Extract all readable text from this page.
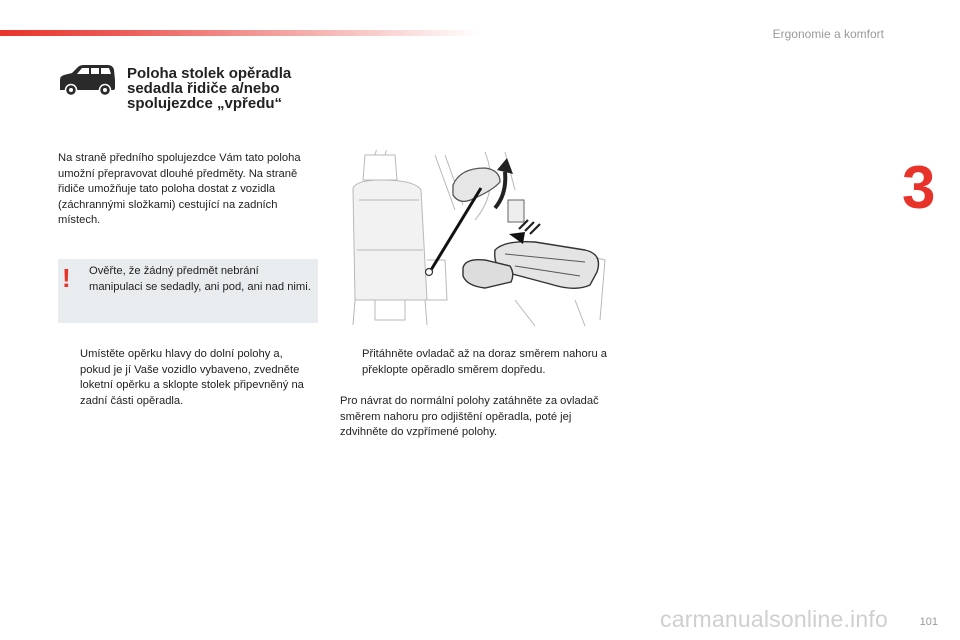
Ergonomie a komfort
3
Poloha stolek opěradla sedadla řidiče a/nebo spolujezdce „vpředu“
Na straně předního spolujezdce Vám tato poloha umožní přepravovat dlouhé předměty. Na straně řidiče umožňuje tato poloha dostat z vozidla (záchrannými složkami) cestující na zadních místech.
! Ověřte, že žádný předmět nebrání manipulaci se sedadly, ani pod, ani nad nimi.
Umístěte opěrku hlavy do dolní polohy a, pokud je jí Vaše vozidlo vybaveno, zvedněte loketní opěrku a sklopte stolek připevněný na zadní části opěradla.
Přitáhněte ovladač až na doraz směrem nahoru a překlopte opěradlo směrem dopředu.
Pro návrat do normální polohy zatáhněte za ovladač směrem nahoru pro odjištění opěradla, poté jej zdvihněte do vzpřímené polohy.
101
carmanualsonline.info
